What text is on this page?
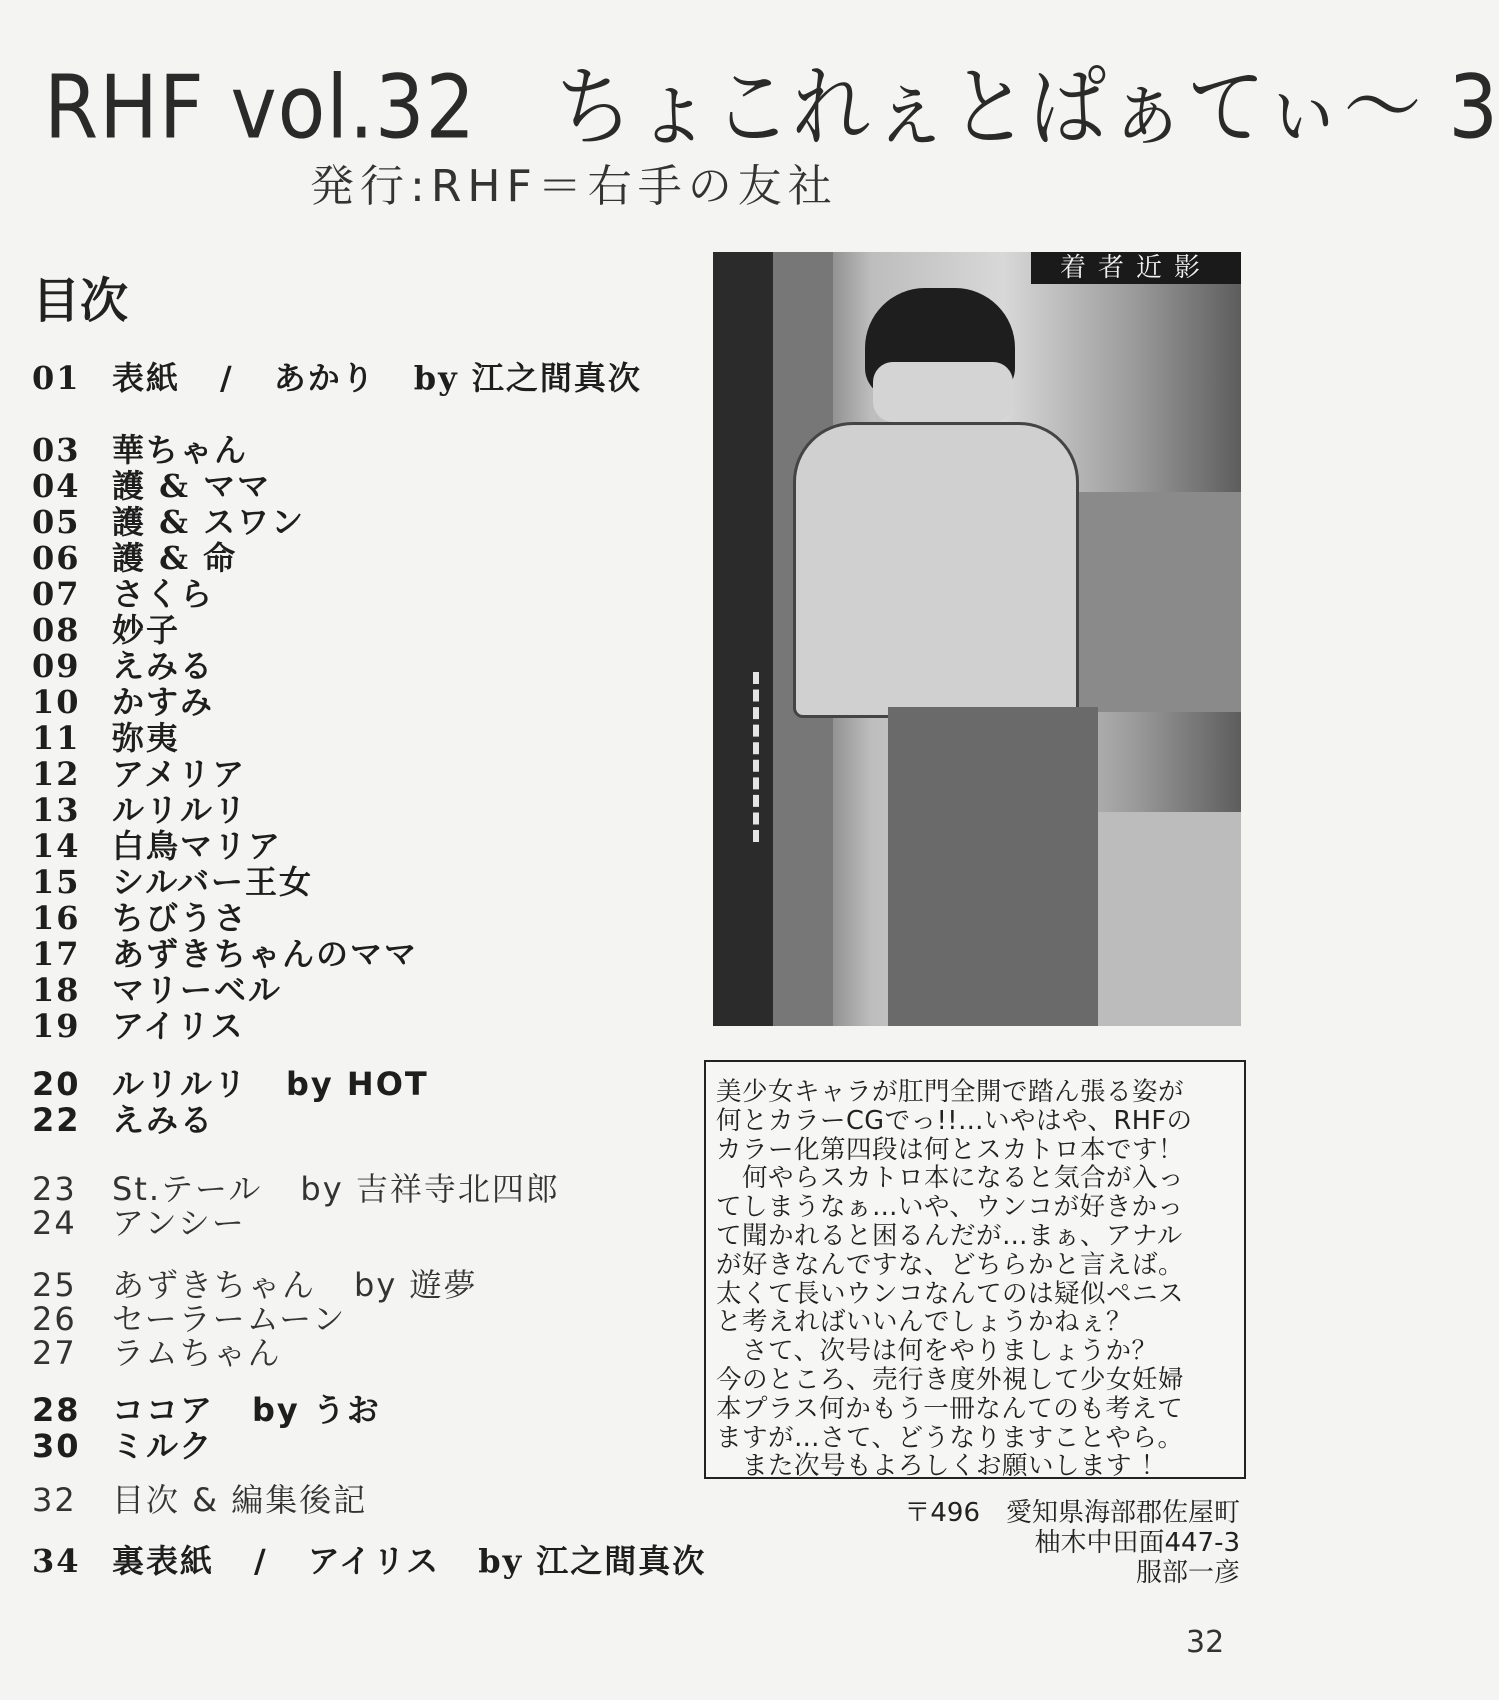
RHF vol.32　ちょこれぇとぱぁてぃ～ 3
発行:RHF＝右手の友社
目次
01 表紙 / あかり by 江之間真次
03 華ちゃん
04 護 & ママ
05 護 & スワン
06 護 & 命
07 さくら
08 妙子
09 えみる
10 かすみ
11 弥夷
12 アメリア
13 ルリルリ
14 白鳥マリア
15 シルバー王女
16 ちびうさ
17 あずきちゃんのママ
18 マリーベル
19 アイリス
20 ルリルリ by HOT
22 えみる
23 St.テール by 吉祥寺北四郎
24 アンシー
25 あずきちゃん by 遊夢
26 セーラームーン
27 ラムちゃん
28 ココア by うお
30 ミルク
32 目次 & 編集後記
34 裏表紙 / アイリス by 江之間真次
着者近影
美少女キャラが肛門全開で踏ん張る姿が
何とカラーCGでっ!!…いやはや、RHFの
カラー化第四段は何とスカトロ本です！
　何やらスカトロ本になると気合が入っ
てしまうなぁ…いや、ウンコが好きかっ
て聞かれると困るんだが…まぁ、アナル
が好きなんですな、どちらかと言えば。
太くて長いウンコなんてのは疑似ペニス
と考えればいいんでしょうかねぇ？
　さて、次号は何をやりましょうか？
今のところ、売行き度外視して少女妊婦
本プラス何かもう一冊なんてのも考えて
ますが…さて、どうなりますことやら。
　また次号もよろしくお願いします ！
〒496　愛知県海部郡佐屋町
柚木中田面447-3
服部一彦
32
